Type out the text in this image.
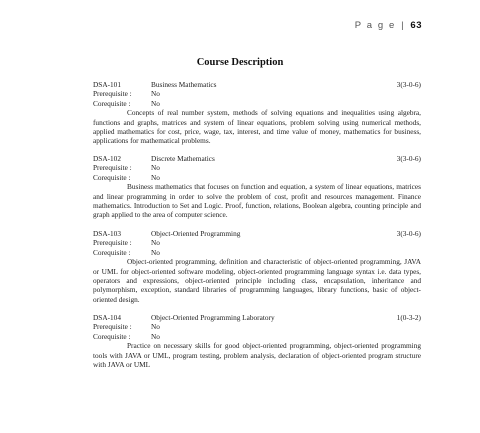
P a g e | 63
Course Description
DSA-101	Business Mathematics	3(3-0-6)
Prerequisite :	No
Corequisite :	No

Concepts of real number system, methods of solving equations and inequalities using algebra, functions and graphs, matrices and system of linear equations, problem solving using numerical methods, applied mathematics for cost, price, wage, tax, interest, and time value of money, mathematics for business, applications for mathematical problems.

DSA-102	Discrete Mathematics	3(3-0-6)
Prerequisite :	No
Corequisite :	No

Business mathematics that focuses on function and equation, a system of linear equations, matrices and linear programming in order to solve the problem of cost, profit and resources management. Finance mathematics. Introduction to Set and Logic. Proof, function, relations, Boolean algebra, counting principle and graph applied to the area of computer science.

DSA-103	Object-Oriented Programming	3(3-0-6)
Prerequisite :	No
Corequisite :	No

Object-oriented programming, definition and characteristic of object-oriented programming, JAVA or UML for object-oriented software modeling, object-oriented programming language syntax i.e. data types, operators and expressions, object-oriented principle including class, encapsulation, inheritance and polymorphism, exception, standard libraries of programming languages, library functions, basic of object-oriented design.

DSA-104	Object-Oriented Programming Laboratory	1(0-3-2)
Prerequisite :	No
Corequisite :	No

Practice on necessary skills for good object-oriented programming, object-oriented programming tools with JAVA or UML, program testing, problem analysis, declaration of object-oriented program structure with JAVA or UML
